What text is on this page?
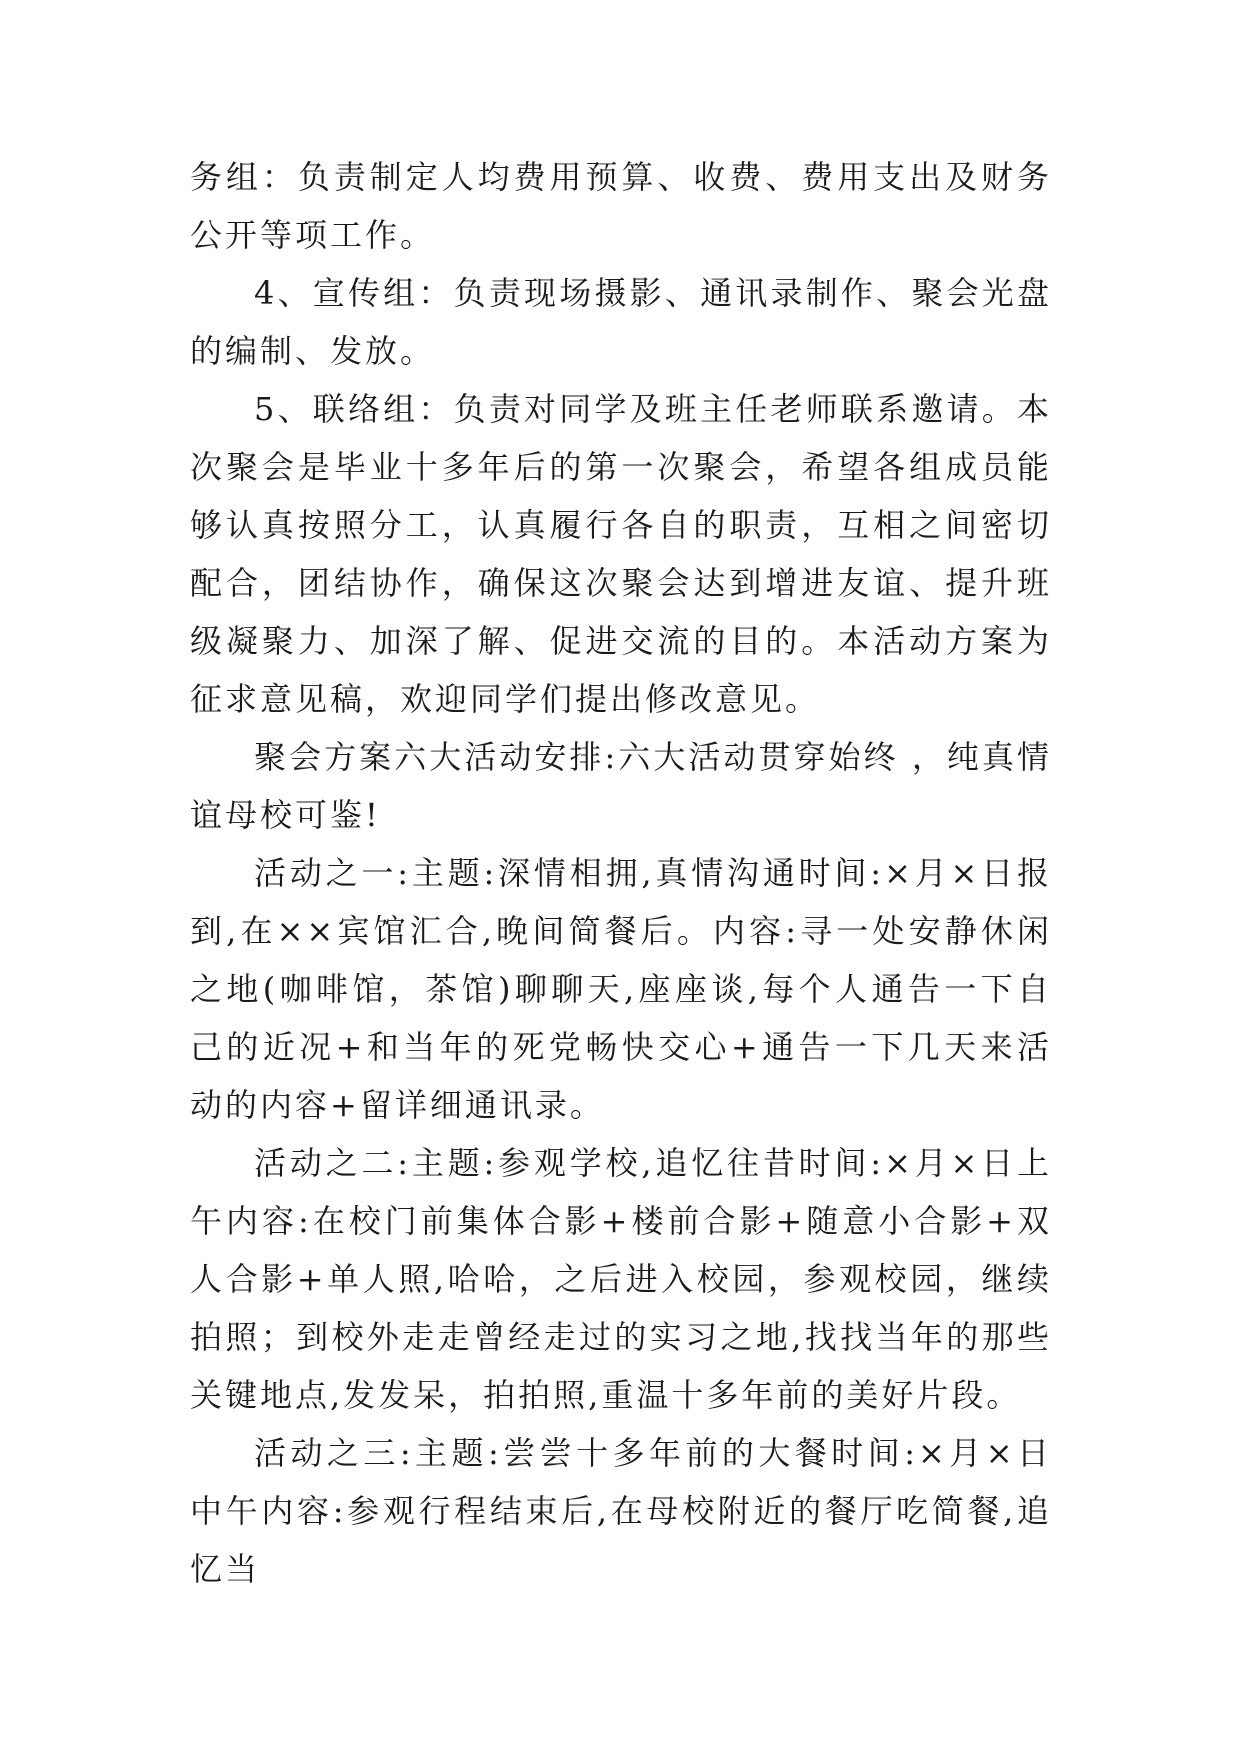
务组：负责制定人均费用预算、收费、费用支出及财务公开等项工作。

4、宣传组：负责现场摄影、通讯录制作、聚会光盘的编制、发放。

5、联络组：负责对同学及班主任老师联系邀请。本次聚会是毕业十多年后的第一次聚会，希望各组成员能够认真按照分工，认真履行各自的职责，互相之间密切配合，团结协作，确保这次聚会达到增进友谊、提升班级凝聚力、加深了解、促进交流的目的。本活动方案为征求意见稿，欢迎同学们提出修改意见。

聚会方案六大活动安排:六大活动贯穿始终 ，纯真情谊母校可鉴!

活动之一:主题:深情相拥,真情沟通时间:×月×日报到,在××宾馆汇合,晚间简餐后。内容:寻一处安静休闲之地(咖啡馆，茶馆)聊聊天,座座谈,每个人通告一下自己的近况+和当年的死党畅快交心+通告一下几天来活动的内容+留详细通讯录。

活动之二:主题:参观学校,追忆往昔时间:×月×日上午内容:在校门前集体合影+楼前合影+随意小合影+双人合影+单人照,哈哈，之后进入校园，参观校园，继续拍照；到校外走走曾经走过的实习之地,找找当年的那些关键地点,发发呆，拍拍照,重温十多年前的美好片段。

活动之三:主题:尝尝十多年前的大餐时间:×月×日中午内容:参观行程结束后,在母校附近的餐厅吃简餐,追忆当
